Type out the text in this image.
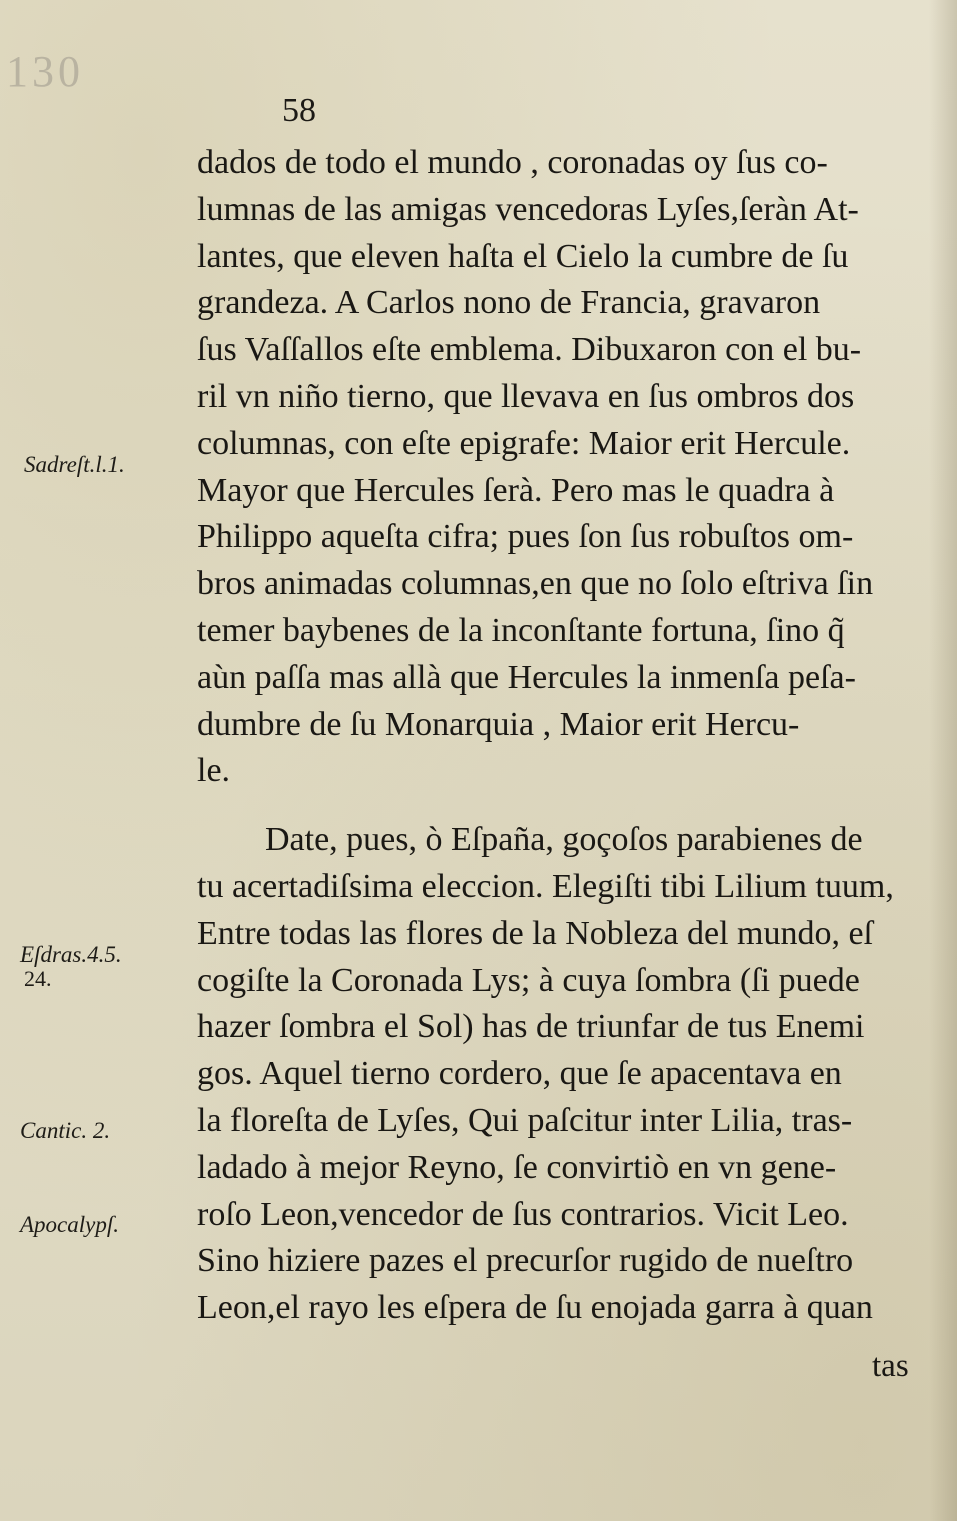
130
58
dados de todo el mundo , coronadas oy ſus co-
lumnas de las amigas vencedoras Lyſes,ſeràn At-
lantes, que eleven haſta el Cielo la cumbre de ſu
grandeza. A Carlos nono de Francia, gravaron
ſus Vaſſallos eſte emblema. Dibuxaron con el bu-
ril vn niño tierno, que llevava en ſus ombros dos
columnas, con eſte epigrafe: Maior erit Hercule.
Mayor que Hercules ſerà. Pero mas le quadra à
Philippo aqueſta cifra; pues ſon ſus robuſtos om-
bros animadas columnas,en que no ſolo eſtriva ſin
temer baybenes de la inconſtante fortuna, ſino q̃
aùn paſſa mas allà que Hercules la inmenſa peſa-
dumbre de ſu Monarquia , Maior erit Hercu-
le.
Date, pues, ò Eſpaña, goçoſos parabienes de
tu acertadiſsima eleccion. Elegiſti tibi Lilium tuum,
Entre todas las flores de la Nobleza del mundo, eſ
cogiſte la Coronada Lys; à cuya ſombra (ſi puede
hazer ſombra el Sol) has de triunfar de tus Enemi
gos. Aquel tierno cordero, que ſe apacentava en
la floreſta de Lyſes, Qui paſcitur inter Lilia, tras-
ladado à mejor Reyno, ſe convirtiò en vn gene-
roſo Leon,vencedor de ſus contrarios. Vicit Leo.
Sino hiziere pazes el precurſor rugido de nueſtro
Leon,el rayo les eſpera de ſu enojada garra à quan
Sadreſt.l.1.
Eſdras.4.5.
24.
Cantic. 2.
Apocalypſ.
tas
